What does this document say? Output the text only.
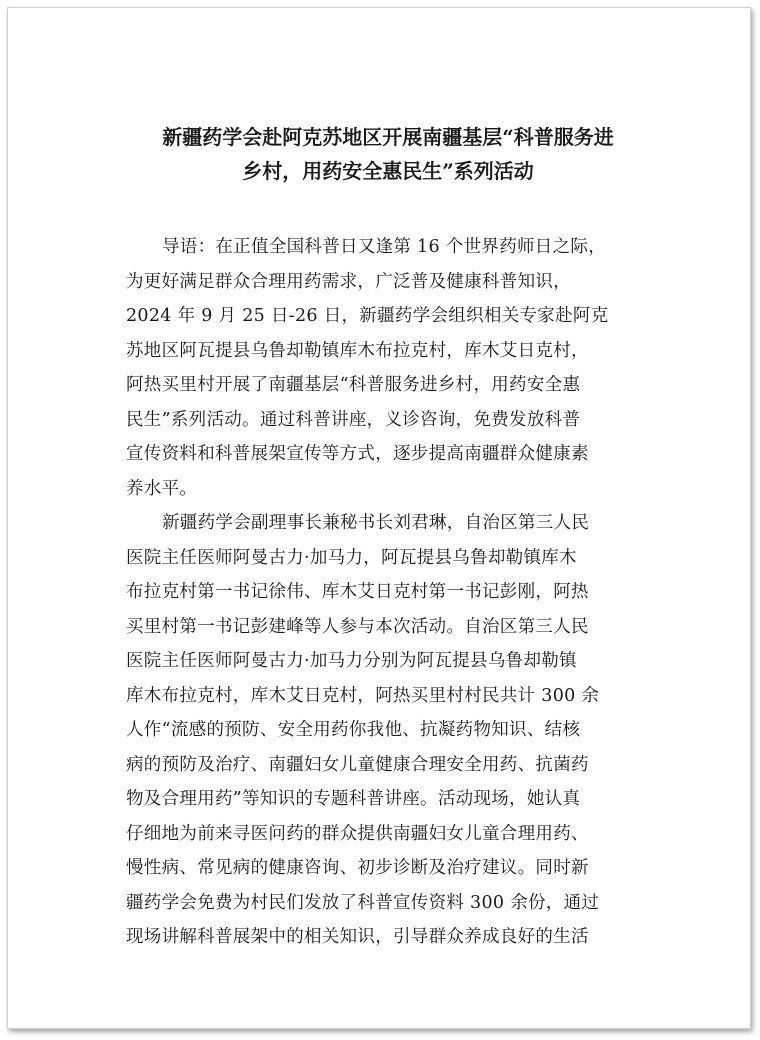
新疆药学会赴阿克苏地区开展南疆基层“科普服务进
乡村，用药安全惠民生”系列活动

导语：在正值全国科普日又逢第 16 个世界药师日之际，
为更好满足群众合理用药需求，广泛普及健康科普知识，
2024 年 9 月 25 日-26 日，新疆药学会组织相关专家赴阿克
苏地区阿瓦提县乌鲁却勒镇库木布拉克村，库木艾日克村，
阿热买里村开展了南疆基层“科普服务进乡村，用药安全惠
民生”系列活动。通过科普讲座，义诊咨询，免费发放科普
宣传资料和科普展架宣传等方式，逐步提高南疆群众健康素
养水平。

新疆药学会副理事长兼秘书长刘君琳，自治区第三人民
医院主任医师阿曼古力·加马力，阿瓦提县乌鲁却勒镇库木
布拉克村第一书记徐伟、库木艾日克村第一书记彭刚，阿热
买里村第一书记彭建峰等人参与本次活动。自治区第三人民
医院主任医师阿曼古力·加马力分别为阿瓦提县乌鲁却勒镇
库木布拉克村，库木艾日克村，阿热买里村村民共计 300 余
人作“流感的预防、安全用药你我他、抗凝药物知识、结核
病的预防及治疗、南疆妇女儿童健康合理安全用药、抗菌药
物及合理用药”等知识的专题科普讲座。活动现场，她认真
仔细地为前来寻医问药的群众提供南疆妇女儿童合理用药、
慢性病、常见病的健康咨询、初步诊断及治疗建议。同时新
疆药学会免费为村民们发放了科普宣传资料 300 余份，通过
现场讲解科普展架中的相关知识，引导群众养成良好的生活
